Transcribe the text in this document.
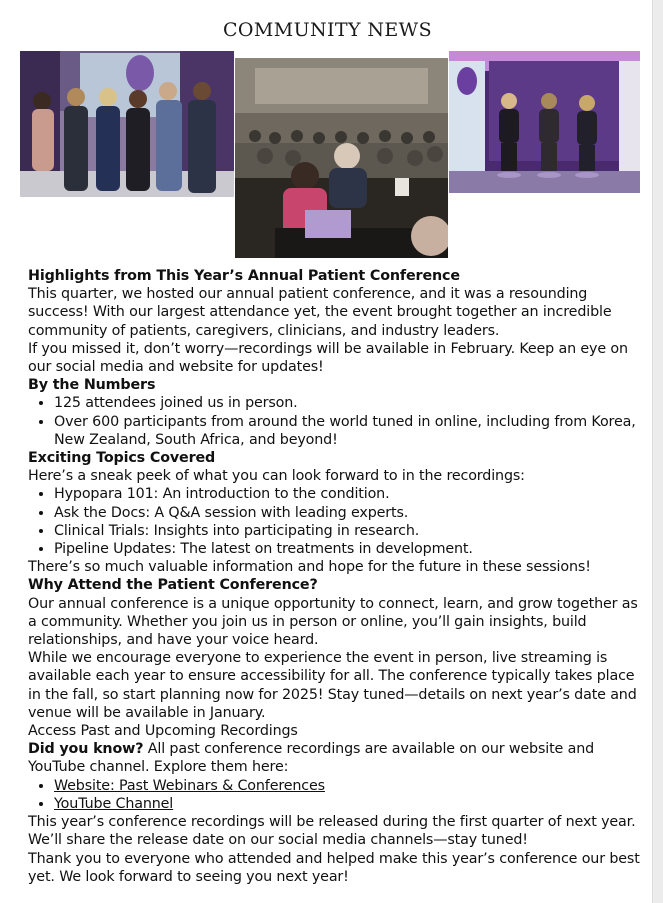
COMMUNITY NEWS

Highlights from This Year’s Annual Patient Conference

This quarter, we hosted our annual patient conference, and it was a resounding success! With our largest attendance yet, the event brought together an incredible community of patients, caregivers, clinicians, and industry leaders.

If you missed it, don’t worry—recordings will be available in February. Keep an eye on our social media and website for updates!

By the Numbers

• 125 attendees joined us in person.
• Over 600 participants from around the world tuned in online, including from Korea, New Zealand, South Africa, and beyond!

Exciting Topics Covered

Here’s a sneak peek of what you can look forward to in the recordings:

• Hypopara 101: An introduction to the condition.
• Ask the Docs: A Q&A session with leading experts.
• Clinical Trials: Insights into participating in research.
• Pipeline Updates: The latest on treatments in development.

There’s so much valuable information and hope for the future in these sessions!

Why Attend the Patient Conference?

Our annual conference is a unique opportunity to connect, learn, and grow together as a community. Whether you join us in person or online, you’ll gain insights, build relationships, and have your voice heard.

While we encourage everyone to experience the event in person, live streaming is available each year to ensure accessibility for all. The conference typically takes place in the fall, so start planning now for 2025! Stay tuned—details on next year’s date and venue will be available in January.

Access Past and Upcoming Recordings

Did you know? All past conference recordings are available on our website and YouTube channel. Explore them here:

• Website: Past Webinars & Conferences
• YouTube Channel

This year’s conference recordings will be released during the first quarter of next year. We’ll share the release date on our social media channels—stay tuned!

Thank you to everyone who attended and helped make this year’s conference our best yet. We look forward to seeing you next year!
